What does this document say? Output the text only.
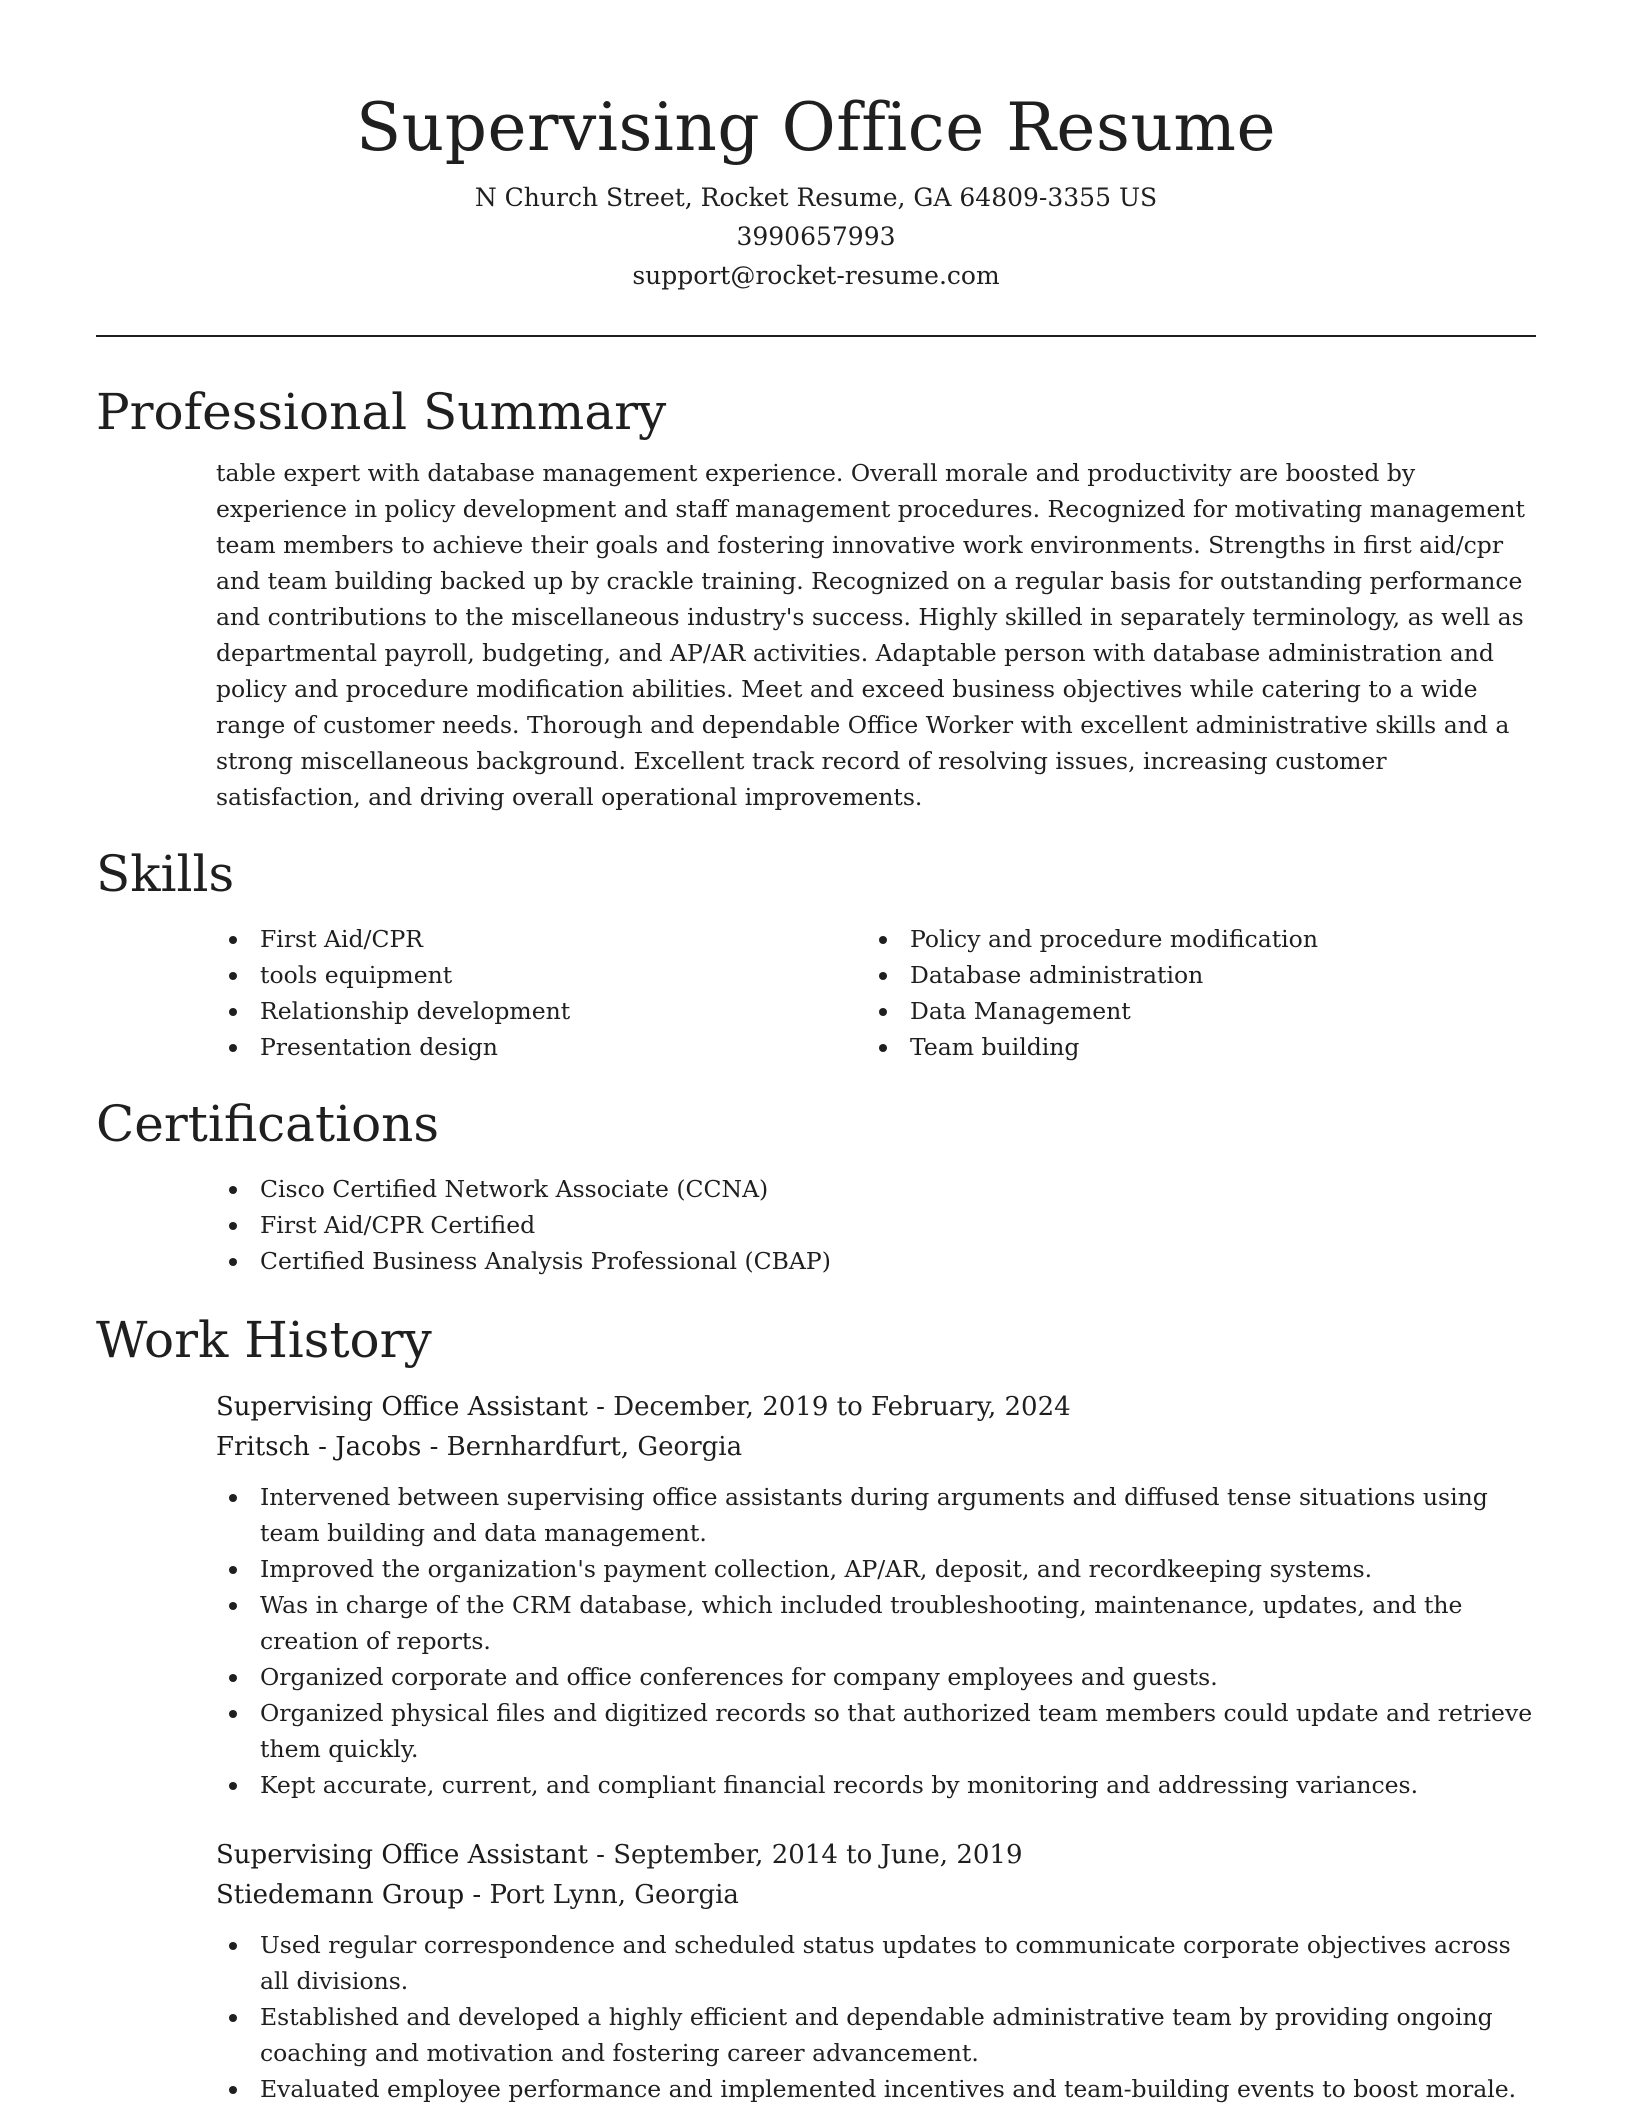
Supervising Office Resume
N Church Street, Rocket Resume, GA 64809-3355 US
3990657993
support@rocket-resume.com
Professional Summary

table expert with database management experience. Overall morale and productivity are boosted by experience in policy development and staff management procedures. Recognized for motivating management team members to achieve their goals and fostering innovative work environments. Strengths in first aid/cpr and team building backed up by crackle training. Recognized on a regular basis for outstanding performance and contributions to the miscellaneous industry's success. Highly skilled in separately terminology, as well as departmental payroll, budgeting, and AP/AR activities. Adaptable person with database administration and policy and procedure modification abilities. Meet and exceed business objectives while catering to a wide range of customer needs. Thorough and dependable Office Worker with excellent administrative skills and a strong miscellaneous background. Excellent track record of resolving issues, increasing customer satisfaction, and driving overall operational improvements.

Skills
First Aid/CPR
tools equipment
Relationship development
Presentation design
Policy and procedure modification
Database administration
Data Management
Team building
Certifications
Cisco Certified Network Associate (CCNA)
First Aid/CPR Certified
Certified Business Analysis Professional (CBAP)
Work History
Supervising Office Assistant - December, 2019 to February, 2024
Fritsch - Jacobs - Bernhardfurt, Georgia
Intervened between supervising office assistants during arguments and diffused tense situations using team building and data management.
Improved the organization's payment collection, AP/AR, deposit, and recordkeeping systems.
Was in charge of the CRM database, which included troubleshooting, maintenance, updates, and the creation of reports.
Organized corporate and office conferences for company employees and guests.
Organized physical files and digitized records so that authorized team members could update and retrieve them quickly.
Kept accurate, current, and compliant financial records by monitoring and addressing variances.
Supervising Office Assistant - September, 2014 to June, 2019
Stiedemann Group - Port Lynn, Georgia
Used regular correspondence and scheduled status updates to communicate corporate objectives across all divisions.
Established and developed a highly efficient and dependable administrative team by providing ongoing coaching and motivation and fostering career advancement.
Evaluated employee performance and implemented incentives and team-building events to boost morale.
